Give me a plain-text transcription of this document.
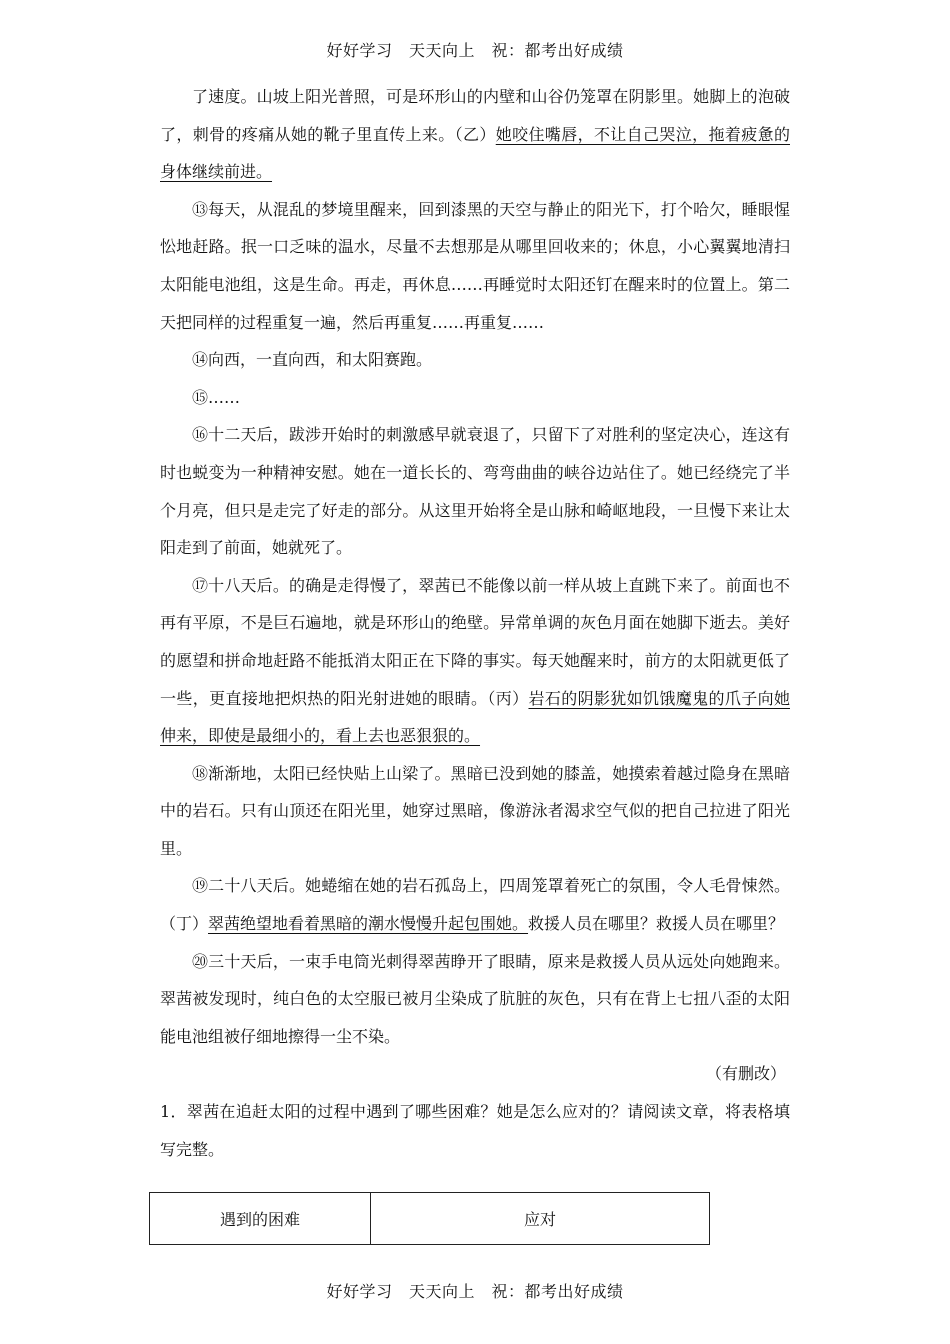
好好学习　天天向上　祝：都考出好成绩

了速度。山坡上阳光普照，可是环形山的内壁和山谷仍笼罩在阴影里。她脚上的泡破了，刺骨的疼痛从她的靴子里直传上来。（乙）她咬住嘴唇，不让自己哭泣，拖着疲惫的身体继续前进。

⑬每天，从混乱的梦境里醒来，回到漆黑的天空与静止的阳光下，打个哈欠，睡眼惺忪地赶路。抿一口乏味的温水，尽量不去想那是从哪里回收来的；休息，小心翼翼地清扫太阳能电池组，这是生命。再走，再休息……再睡觉时太阳还钉在醒来时的位置上。第二天把同样的过程重复一遍，然后再重复……再重复……

⑭向西，一直向西，和太阳赛跑。

⑮……

⑯十二天后，跋涉开始时的刺激感早就衰退了，只留下了对胜利的坚定决心，连这有时也蜕变为一种精神安慰。她在一道长长的、弯弯曲曲的峡谷边站住了。她已经绕完了半个月亮，但只是走完了好走的部分。从这里开始将全是山脉和崎岖地段，一旦慢下来让太阳走到了前面，她就死了。

⑰十八天后。的确是走得慢了，翠茜已不能像以前一样从坡上直跳下来了。前面也不再有平原，不是巨石遍地，就是环形山的绝壁。异常单调的灰色月面在她脚下逝去。美好的愿望和拼命地赶路不能抵消太阳正在下降的事实。每天她醒来时，前方的太阳就更低了一些，更直接地把炽热的阳光射进她的眼睛。（丙）岩石的阴影犹如饥饿魔鬼的爪子向她伸来，即使是最细小的，看上去也恶狠狠的。

⑱渐渐地，太阳已经快贴上山梁了。黑暗已没到她的膝盖，她摸索着越过隐身在黑暗中的岩石。只有山顶还在阳光里，她穿过黑暗，像游泳者渴求空气似的把自己拉进了阳光里。

⑲二十八天后。她蜷缩在她的岩石孤岛上，四周笼罩着死亡的氛围，令人毛骨悚然。（丁）翠茜绝望地看着黑暗的潮水慢慢升起包围她。救援人员在哪里？救援人员在哪里？

⑳三十天后，一束手电筒光刺得翠茜睁开了眼睛，原来是救援人员从远处向她跑来。翠茜被发现时，纯白色的太空服已被月尘染成了肮脏的灰色，只有在背上七扭八歪的太阳能电池组被仔细地擦得一尘不染。

（有删改）

1．翠茜在追赶太阳的过程中遇到了哪些困难？她是怎么应对的？请阅读文章，将表格填写完整。

遇到的困难	应对
好好学习　天天向上　祝：都考出好成绩
